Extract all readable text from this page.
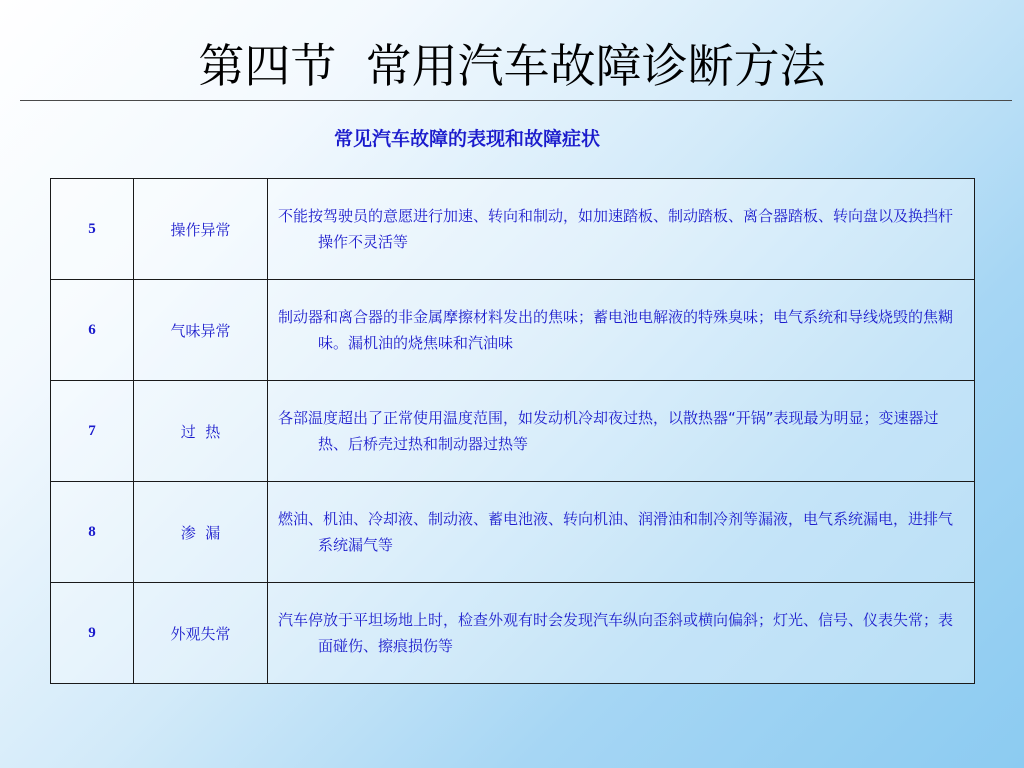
第四节  常用汽车故障诊断方法
常见汽车故障的表现和故障症状
5	操作异常	不能按驾驶员的意愿进行加速、转向和制动，如加速踏板、制动踏板、离合器踏板、转向盘以及换挡杆操作不灵活等

6	气味异常	制动器和离合器的非金属摩擦材料发出的焦味；蓄电池电解液的特殊臭味；电气系统和导线烧毁的焦糊味。漏机油的烧焦味和汽油味

7	过  热	各部温度超出了正常使用温度范围，如发动机冷却夜过热，以散热器“开锅”表现最为明显；变速器过热、后桥壳过热和制动器过热等

8	渗  漏	燃油、机油、冷却液、制动液、蓄电池液、转向机油、润滑油和制冷剂等漏液，电气系统漏电，进排气系统漏气等

9	外观失常	汽车停放于平坦场地上时，检查外观有时会发现汽车纵向歪斜或横向偏斜；灯光、信号、仪表失常；表面碰伤、擦痕损伤等
